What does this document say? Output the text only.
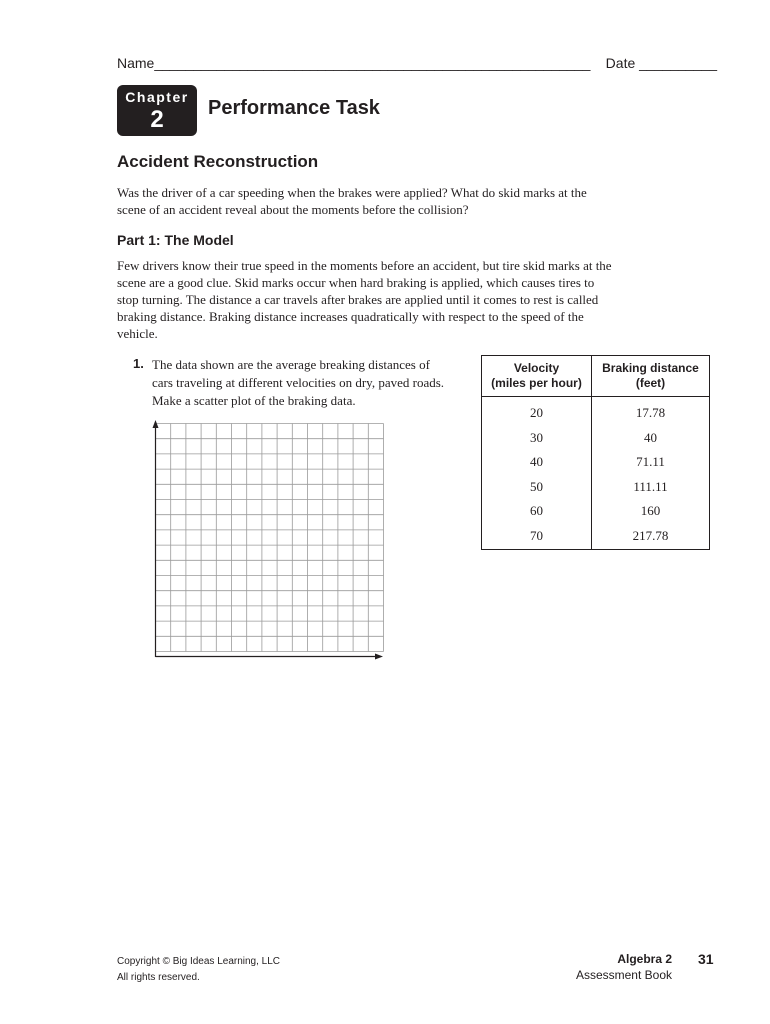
Name________________________________________________________ Date __________
Chapter
2	Performance Task
Accident Reconstruction

Was the driver of a car speeding when the brakes were applied? What do skid marks at the scene of an accident reveal about the moments before the collision?

Part 1: The Model

Few drivers know their true speed in the moments before an accident, but tire skid marks at the scene are a good clue. Skid marks occur when hard braking is applied, which causes tires to stop turning. The distance a car travels after brakes are applied until it comes to rest is called braking distance. Braking distance increases quadratically with respect to the speed of the vehicle.

1. The data shown are the average breaking distances of cars traveling at different velocities on dry, paved roads. Make a scatter plot of the braking data.

Velocity
(miles per hour)	Braking distance
(feet)
20	17.78
30	40
40	71.11
50	111.11
60	160
70	217.78
Copyright © Big Ideas Learning, LLC
All rights reserved.
Algebra 2
Assessment Book
31
